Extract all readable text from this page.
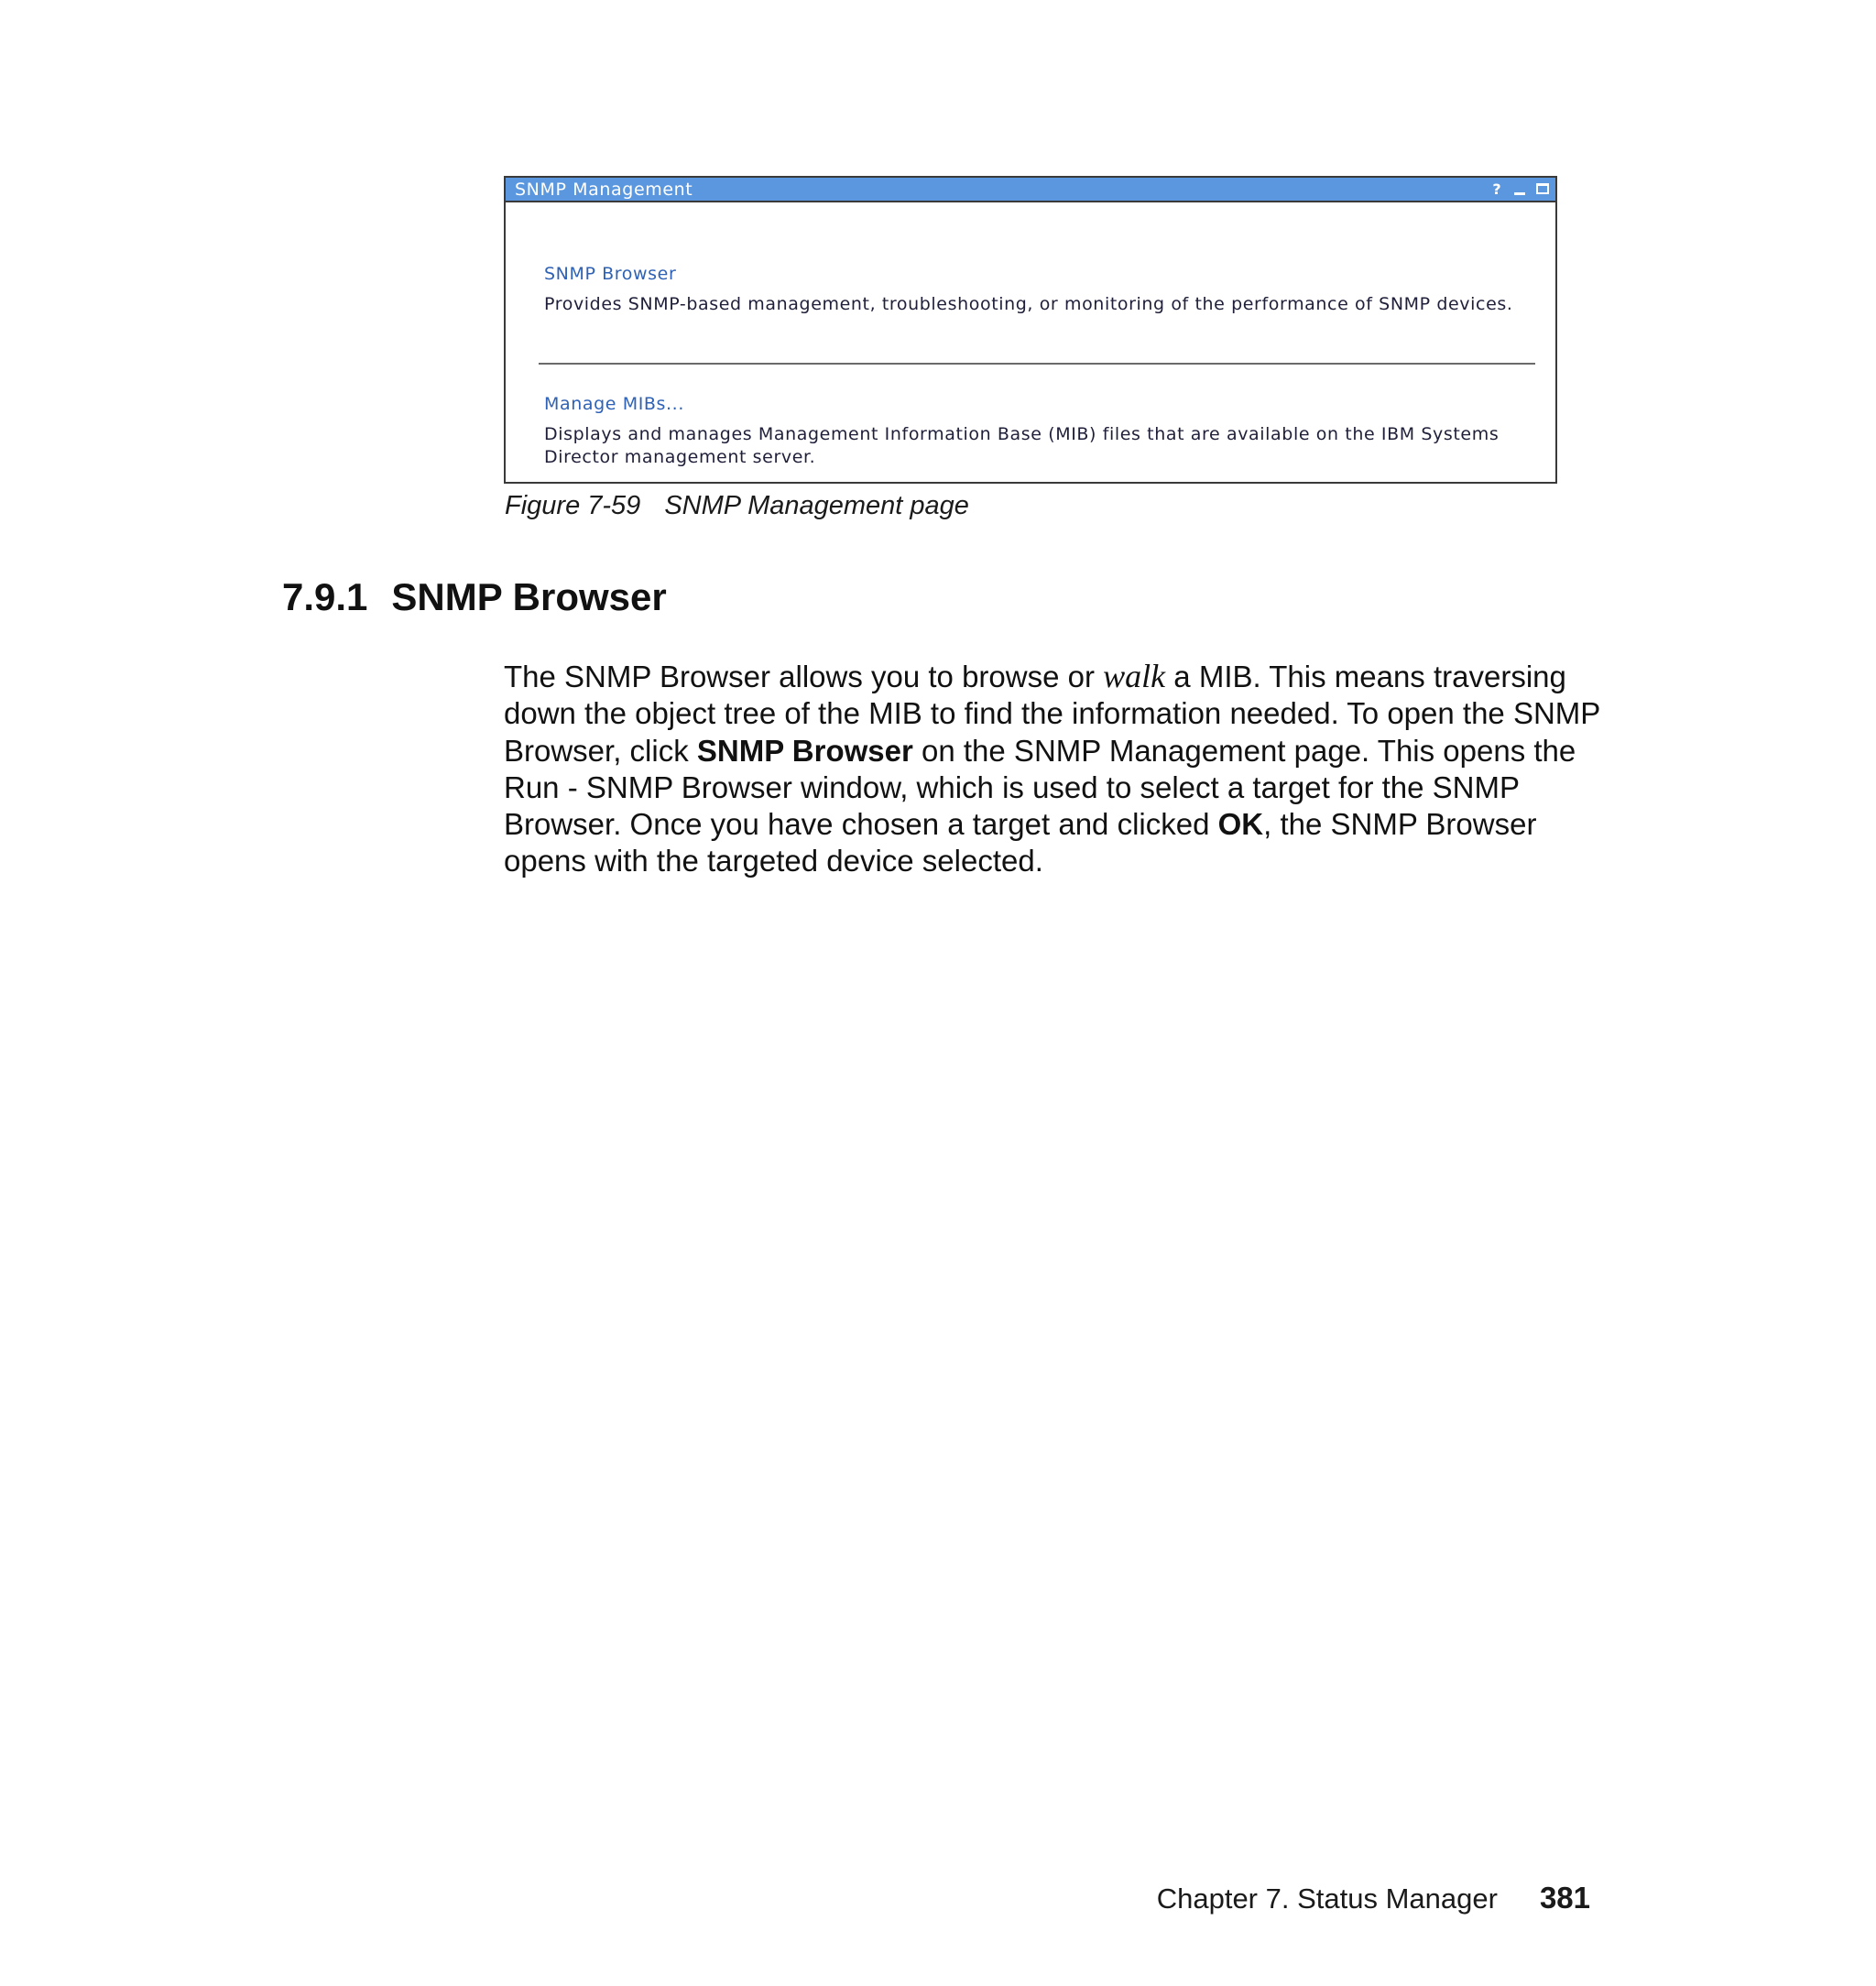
SNMP Management	?
SNMP Browser
Provides SNMP-based management, troubleshooting, or monitoring of the performance of SNMP devices.
Manage MIBs...
Displays and manages Management Information Base (MIB) files that are available on the IBM Systems Director management server.
Figure 7-59 SNMP Management page
7.9.1 SNMP Browser
The SNMP Browser allows you to browse or walk a MIB. This means traversing down the object tree of the MIB to find the information needed. To open the SNMP Browser, click SNMP Browser on the SNMP Management page. This opens the Run - SNMP Browser window, which is used to select a target for the SNMP Browser. Once you have chosen a target and clicked OK, the SNMP Browser opens with the targeted device selected.
Chapter 7. Status Manager 381
